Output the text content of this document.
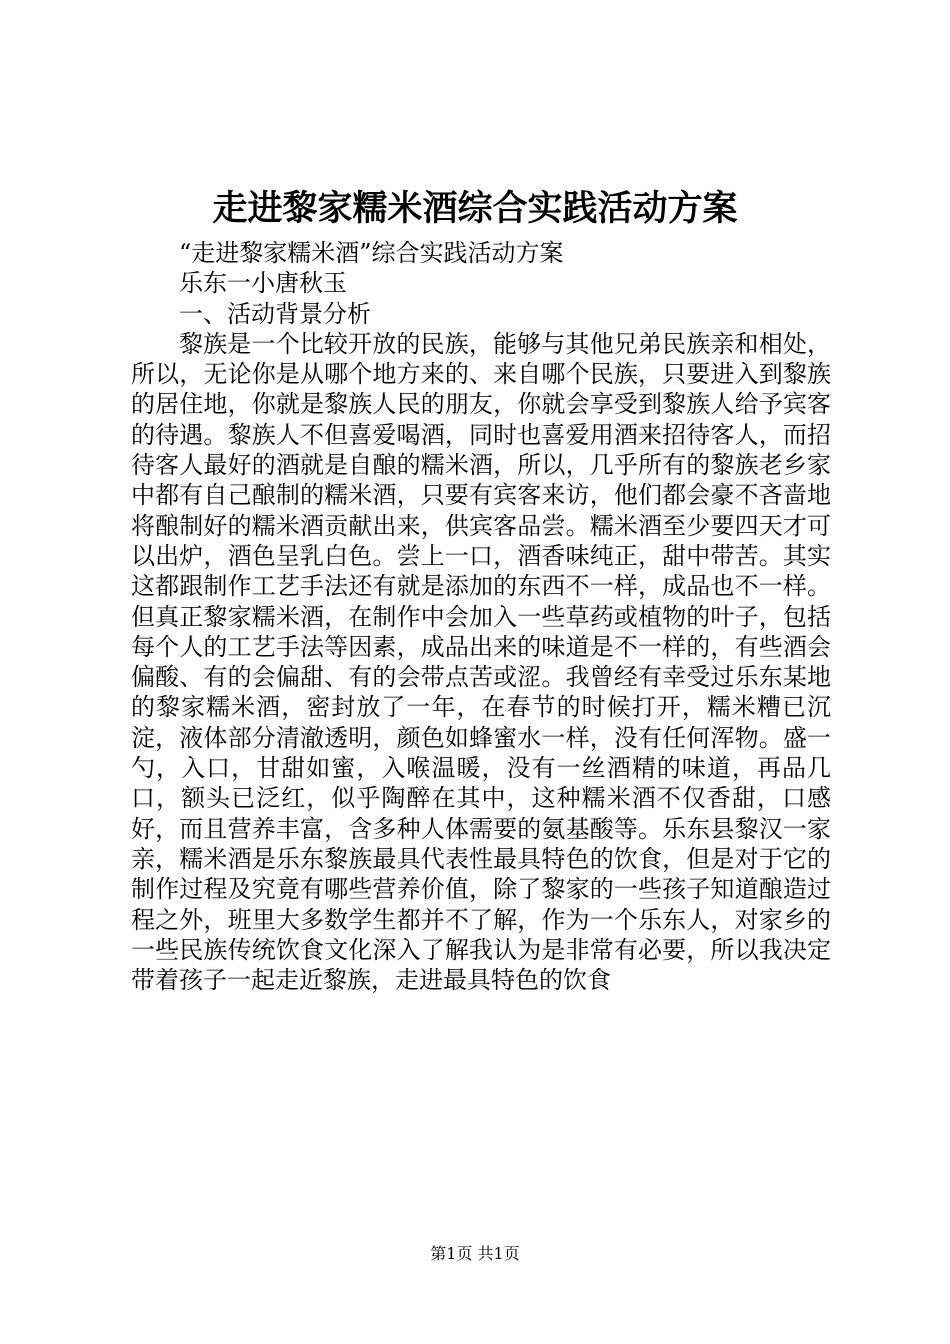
走进黎家糯米酒综合实践活动方案

“走进黎家糯米酒”综合实践活动方案

乐东一小唐秋玉

一、活动背景分析

黎族是一个比较开放的民族，能够与其他兄弟民族亲和相处，所以，无论你是从哪个地方来的、来自哪个民族，只要进入到黎族的居住地，你就是黎族人民的朋友，你就会享受到黎族人给予宾客的待遇。黎族人不但喜爱喝酒，同时也喜爱用酒来招待客人，而招待客人最好的酒就是自酿的糯米酒，所以，几乎所有的黎族老乡家中都有自己酿制的糯米酒，只要有宾客来访，他们都会豪不吝啬地将酿制好的糯米酒贡献出来，供宾客品尝。糯米酒至少要四天才可以出炉，酒色呈乳白色。尝上一口，酒香味纯正，甜中带苦。其实这都跟制作工艺手法还有就是添加的东西不一样，成品也不一样。但真正黎家糯米酒，在制作中会加入一些草药或植物的叶子，包括每个人的工艺手法等因素，成品出来的味道是不一样的，有些酒会偏酸、有的会偏甜、有的会带点苦或涩。我曾经有幸受过乐东某地的黎家糯米酒，密封放了一年，在春节的时候打开，糯米糟已沉淀，液体部分清澈透明，颜色如蜂蜜水一样，没有任何浑物。盛一勺，入口，甘甜如蜜，入喉温暖，没有一丝酒精的味道，再品几口，额头已泛红，似乎陶醉在其中，这种糯米酒不仅香甜，口感好，而且营养丰富，含多种人体需要的氨基酸等。乐东县黎汉一家亲，糯米酒是乐东黎族最具代表性最具特色的饮食，但是对于它的制作过程及究竟有哪些营养价值，除了黎家的一些孩子知道酿造过程之外，班里大多数学生都并不了解，作为一个乐东人，对家乡的一些民族传统饮食文化深入了解我认为是非常有必要，所以我决定带着孩子一起走近黎族，走进最具特色的饮食

第1页 共1页
